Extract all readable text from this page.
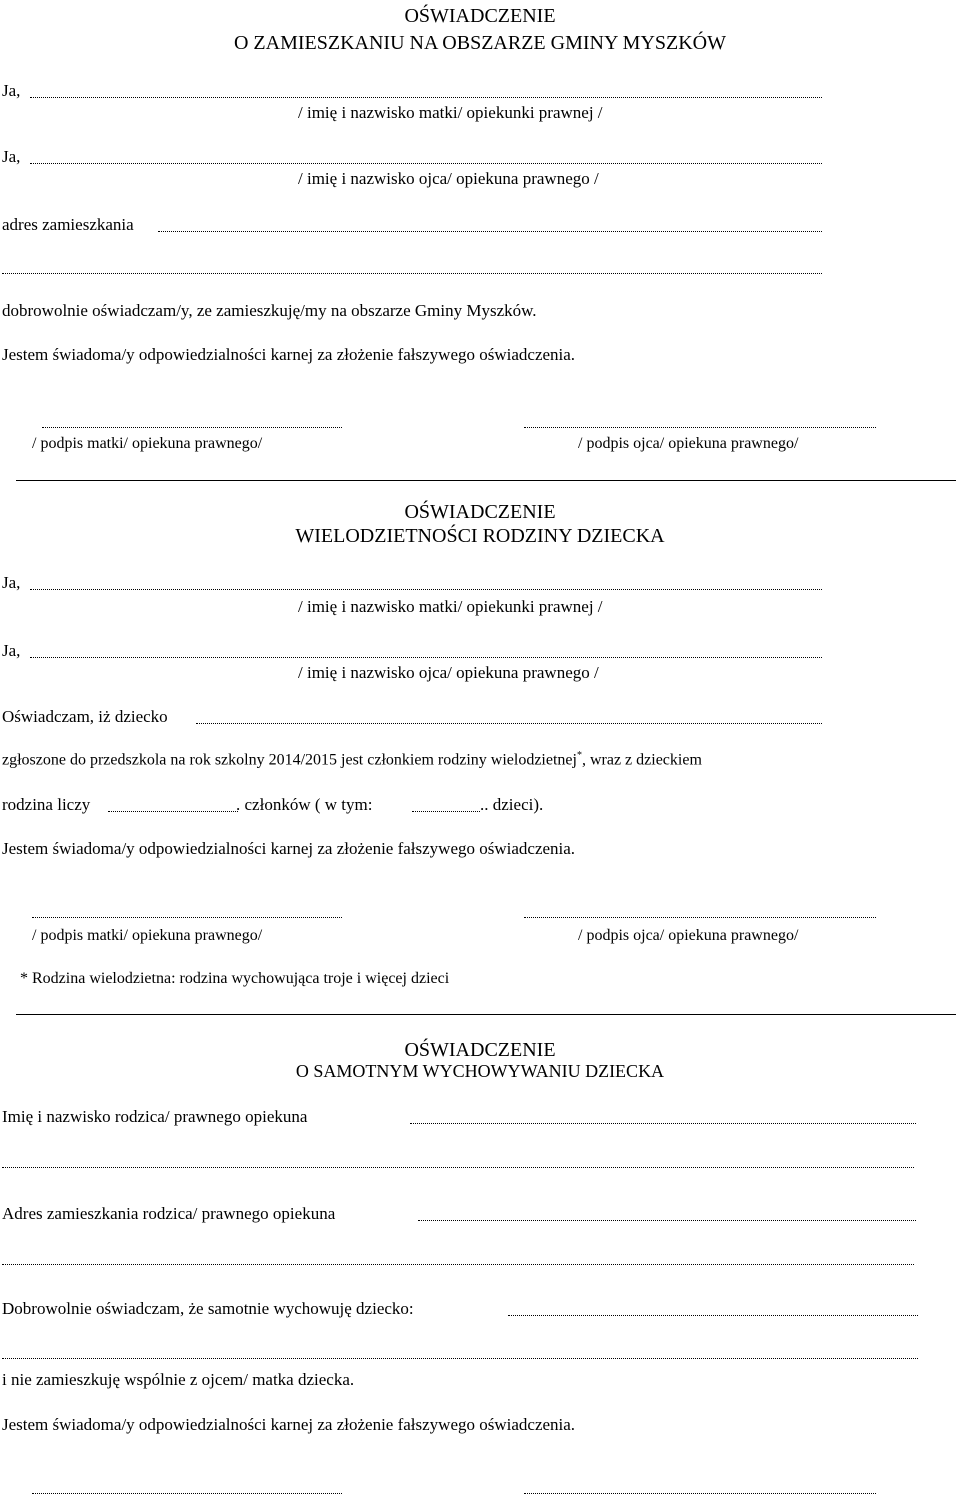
OŚWIADCZENIE
O ZAMIESZKANIU NA OBSZARZE GMINY MYSZKÓW
Ja,
/ imię i nazwisko matki/ opiekunki prawnej /
Ja,
/ imię i nazwisko ojca/ opiekuna prawnego /
adres zamieszkania
dobrowolnie oświadczam/y, ze zamieszkuję/my na obszarze Gminy Myszków.
Jestem świadoma/y odpowiedzialności karnej za złożenie fałszywego oświadczenia.
/ podpis matki/ opiekuna prawnego/	/ podpis ojca/ opiekuna prawnego/
OŚWIADCZENIE
WIELODZIETNOŚCI RODZINY DZIECKA
Ja,
/ imię i nazwisko matki/ opiekunki prawnej /
Ja,
/ imię i nazwisko ojca/ opiekuna prawnego /
Oświadczam, iż dziecko
zgłoszone do przedszkola na rok szkolny 2014/2015 jest członkiem rodziny wielodzietnej*, wraz z dzieckiem
rodzina liczy	. członków ( w tym:	.. dzieci).
Jestem świadoma/y odpowiedzialności karnej za złożenie fałszywego oświadczenia.
/ podpis matki/ opiekuna prawnego/	/ podpis ojca/ opiekuna prawnego/
* Rodzina wielodzietna: rodzina wychowująca troje i więcej dzieci
OŚWIADCZENIE
O SAMOTNYM WYCHOWYWANIU DZIECKA
Imię i nazwisko rodzica/ prawnego opiekuna
Adres zamieszkania rodzica/ prawnego opiekuna
Dobrowolnie oświadczam, że samotnie wychowuję dziecko:
i nie zamieszkuję wspólnie z ojcem/ matka dziecka.
Jestem świadoma/y odpowiedzialności karnej za złożenie fałszywego oświadczenia.
